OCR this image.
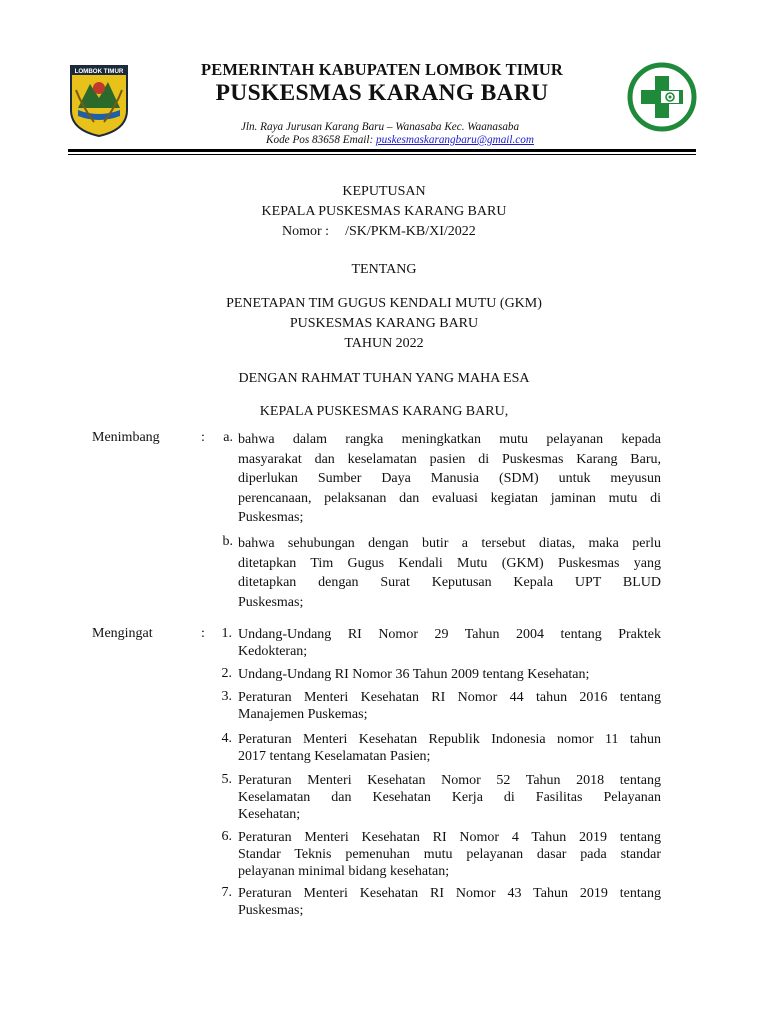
LOMBOK TIMUR	PEMERINTAH KABUPATEN LOMBOK TIMUR
PUSKESMAS KARANG BARU
Jln. Raya Jurusan Karang Baru – Wanasaba Kec. Waanasaba
Kode Pos 83658 Email: puskesmaskarangbaru@gmail.com
KEPUTUSAN
KEPALA PUSKESMAS KARANG BARU
Nomor : /SK/PKM-KB/XI/2022
TENTANG
PENETAPAN TIM GUGUS KENDALI MUTU (GKM)
PUSKESMAS KARANG BARU
TAHUN 2022
DENGAN RAHMAT TUHAN YANG MAHA ESA
KEPALA PUSKESMAS KARANG BARU,
Menimbang	:	a. bahwa dalam rangka meningkatkan mutu pelayanan kepada
masyarakat dan keselamatan pasien di Puskesmas Karang Baru,
diperlukan Sumber Daya Manusia (SDM) untuk meyusun
perencanaan, pelaksanan dan evaluasi kegiatan jaminan mutu di
Puskesmas;
b. bahwa sehubungan dengan butir a tersebut diatas, maka perlu
ditetapkan Tim Gugus Kendali Mutu (GKM) Puskesmas yang
ditetapkan dengan Surat Keputusan Kepala UPT BLUD
Puskesmas;
Mengingat	:	1. Undang-Undang RI Nomor 29 Tahun 2004 tentang Praktek
Kedokteran;
2. Undang-Undang RI Nomor 36 Tahun 2009 tentang Kesehatan;
3. Peraturan Menteri Kesehatan RI Nomor 44 tahun 2016 tentang
Manajemen Puskemas;
4. Peraturan Menteri Kesehatan Republik Indonesia nomor 11 tahun
2017 tentang Keselamatan Pasien;
5. Peraturan Menteri Kesehatan Nomor 52 Tahun 2018 tentang
Keselamatan dan Kesehatan Kerja di Fasilitas Pelayanan
Kesehatan;
6. Peraturan Menteri Kesehatan RI Nomor 4 Tahun 2019 tentang
Standar Teknis pemenuhan mutu pelayanan dasar pada standar
pelayanan minimal bidang kesehatan;
7. Peraturan Menteri Kesehatan RI Nomor 43 Tahun 2019 tentang
Puskesmas;
